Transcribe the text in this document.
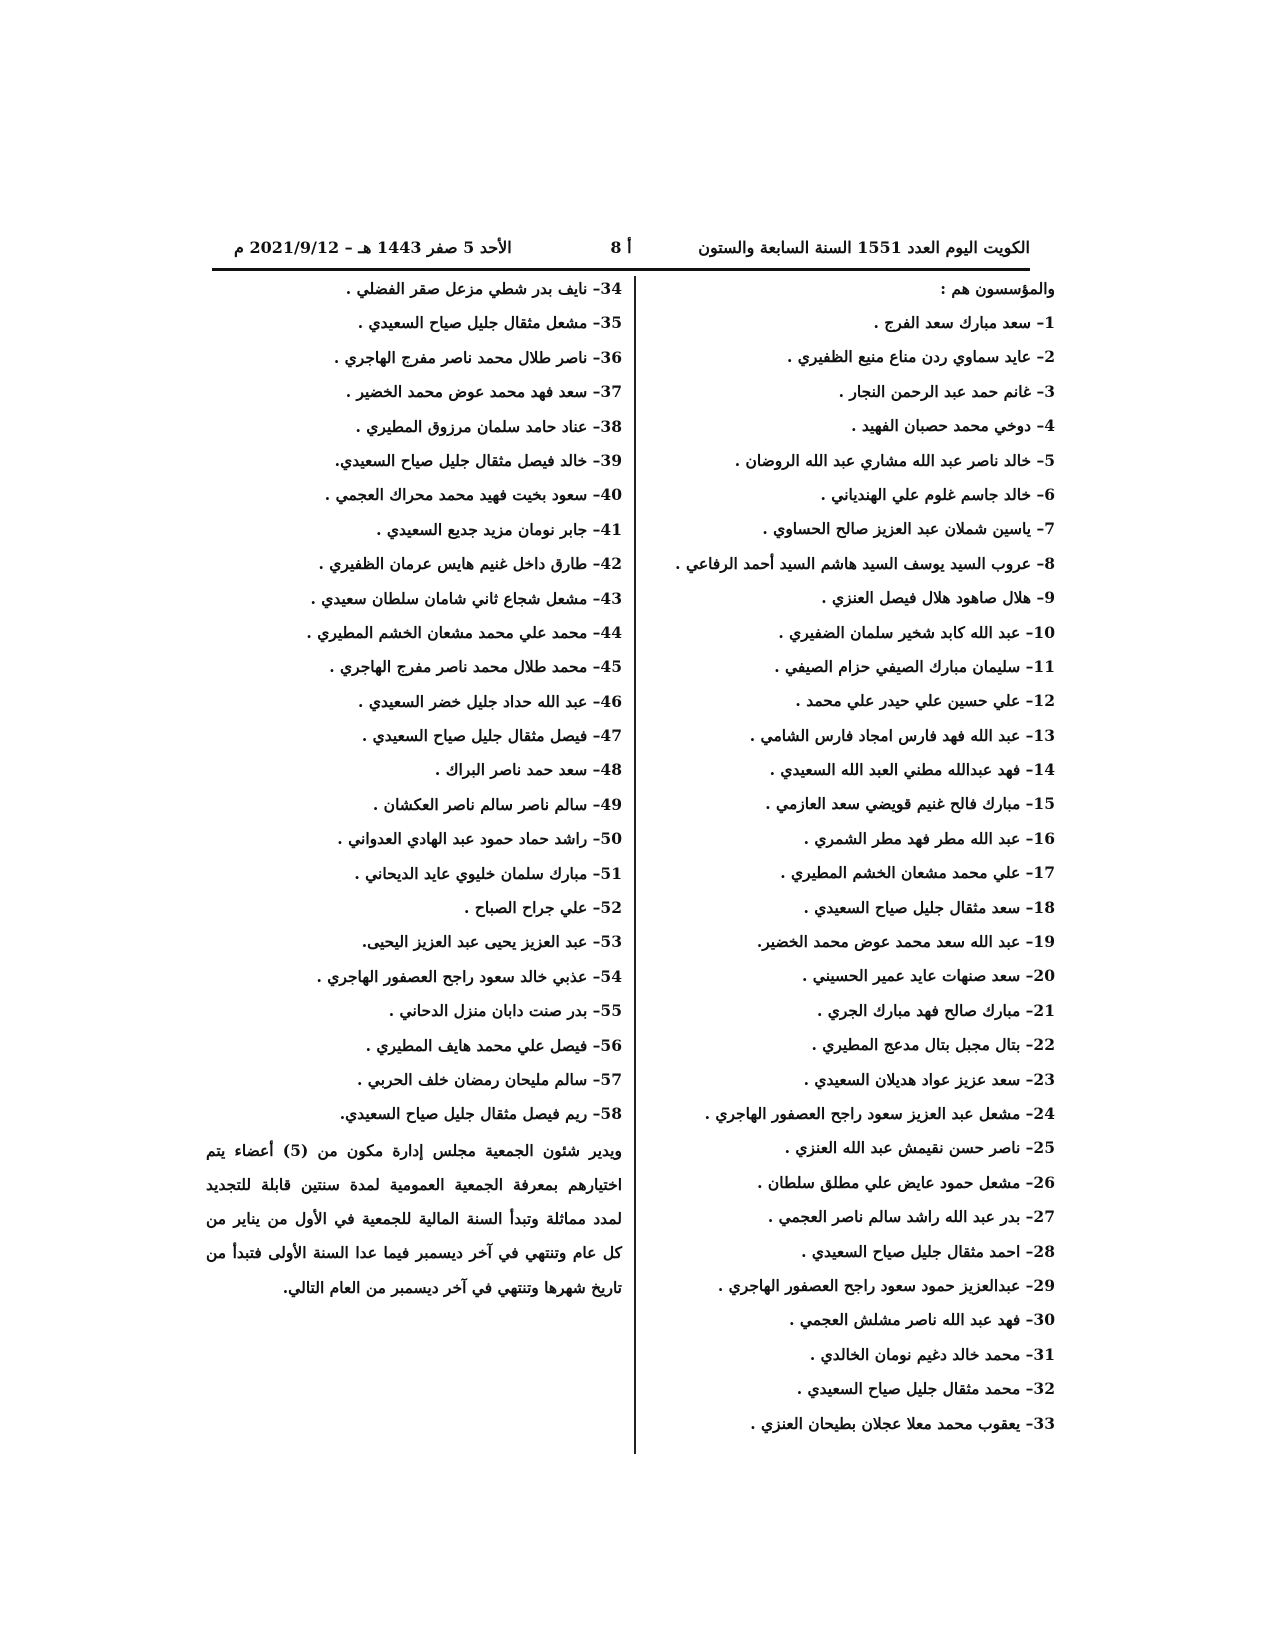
الكويت اليوم العدد 1551 السنة السابعة والستون
أ 8
الأحد 5 صفر 1443 هـ – 2021/9/12 م
والمؤسسون هم :
1– سعد مبارك سعد الفرج .
2– عايد سماوي ردن مناع منيع الظفيري .
3– غانم حمد عبد الرحمن النجار .
4– دوخي محمد حصبان الفهيد .
5– خالد ناصر عبد الله مشاري عبد الله الروضان .
6– خالد جاسم غلوم علي الهندياني .
7– ياسين شملان عبد العزيز صالح الحساوي .
8– عروب السيد يوسف السيد هاشم السيد أحمد الرفاعي .
9– هلال صاهود هلال فيصل العنزي .
10– عبد الله كابد شخير سلمان الضفيري .
11– سليمان مبارك الصيفي حزام الصيفي .
12– علي حسين علي حيدر علي محمد .
13– عبد الله فهد فارس امجاد فارس الشامي .
14– فهد عبدالله مطني العبد الله السعيدي .
15– مبارك فالح غنيم قويضي سعد العازمي .
16– عبد الله مطر فهد مطر الشمري .
17– علي محمد مشعان الخشم المطيري .
18– سعد مثقال جليل صياح السعيدي .
19– عبد الله سعد محمد عوض محمد الخضير.
20– سعد صنهات عايد عمير الحسيني .
21– مبارك صالح فهد مبارك الجري .
22– بتال مجبل بتال مدعج المطيري .
23– سعد عزيز عواد هديلان السعيدي .
24– مشعل عبد العزيز سعود راجح العصفور الهاجري .
25– ناصر حسن نقيمش عبد الله العنزي .
26– مشعل حمود عايض علي مطلق سلطان .
27– بدر عبد الله راشد سالم ناصر العجمي .
28– احمد مثقال جليل صياح السعيدي .
29– عبدالعزيز حمود سعود راجح العصفور الهاجري .
30– فهد عبد الله ناصر مشلش العجمي .
31– محمد خالد دغيم نومان الخالدي .
32– محمد مثقال جليل صياح السعيدي .
33– يعقوب محمد معلا عجلان بطيحان العنزي .
34– نايف بدر شطي مزعل صقر الفضلي .
35– مشعل مثقال جليل صياح السعيدي .
36– ناصر طلال محمد ناصر مفرج الهاجري .
37– سعد فهد محمد عوض محمد الخضير .
38– عناد حامد سلمان مرزوق المطيري .
39– خالد فيصل مثقال جليل صياح السعيدي.
40– سعود بخيت فهيد محمد محراك العجمي .
41– جابر نومان مزيد جديع السعيدي .
42– طارق داخل غنيم هايس عرمان الظفيري .
43– مشعل شجاع ثاني شامان سلطان سعيدي .
44– محمد علي محمد مشعان الخشم المطيري .
45– محمد طلال محمد ناصر مفرج الهاجري .
46– عبد الله حداد جليل خضر السعيدي .
47– فيصل مثقال جليل صياح السعيدي .
48– سعد حمد ناصر البراك .
49– سالم ناصر سالم ناصر العكشان .
50– راشد حماد حمود عبد الهادي العدواني .
51– مبارك سلمان خليوي عايد الديحاني .
52– علي جراح الصباح .
53– عبد العزيز يحيى عبد العزيز اليحيى.
54– عذبي خالد سعود راجح العصفور الهاجري .
55– بدر صنت دابان منزل الدحاني .
56– فيصل علي محمد هايف المطيري .
57– سالم مليحان رمضان خلف الحربي .
58– ريم فيصل مثقال جليل صياح السعيدي.
ويدير شئون الجمعية مجلس إدارة مكون من (5) أعضاء يتم اختيارهم بمعرفة الجمعية العمومية لمدة سنتين قابلة للتجديد لمدد مماثلة وتبدأ السنة المالية للجمعية في الأول من يناير من كل عام وتنتهي في آخر ديسمبر فيما عدا السنة الأولى فتبدأ من تاريخ شهرها وتنتهي في آخر ديسمبر من العام التالي.
